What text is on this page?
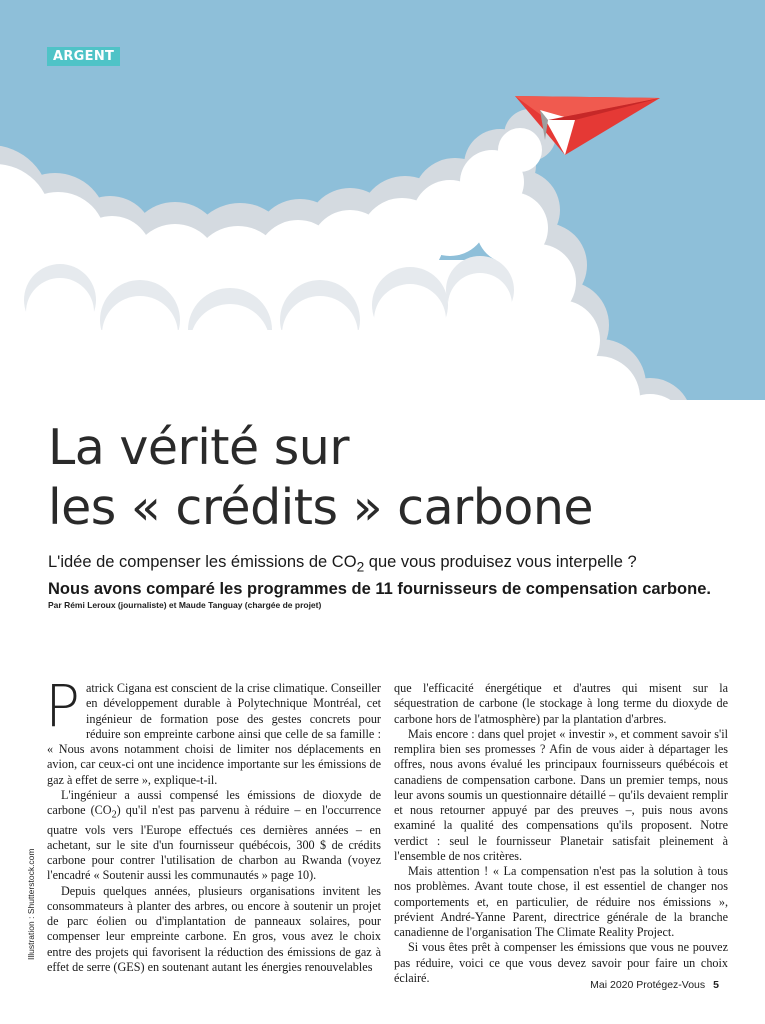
ARGENT
La vérité sur
les « crédits » carbone
L'idée de compenser les émissions de $CO_2$ que vous produisez vous interpelle ?
Nous avons comparé les programmes de 11 fournisseurs de compensation carbone.
Par Rémi Leroux (journaliste) et Maude Tanguay (chargée de projet)
Illustration : Shutterstock.com

Patrick Cigana est conscient de la crise climatique. Conseiller en développement durable à Polytechnique Montréal, cet ingénieur de formation pose des gestes concrets pour réduire son empreinte carbone ainsi que celle de sa famille : « Nous avons notamment choisi de limiter nos déplacements en avion, car ceux-ci ont une incidence importante sur les émissions de gaz à effet de serre », explique-t-il.

L'ingénieur a aussi compensé les émissions de dioxyde de carbone $(CO_2)$ qu'il n'est pas parvenu à réduire – en l'occurrence quatre vols vers l'Europe effectués ces dernières années – en achetant, sur le site d'un fournisseur québécois, 300 $ de crédits carbone pour contrer l'utilisation de charbon au Rwanda (voyez l'encadré « Soutenir aussi les communautés » page 10).

Depuis quelques années, plusieurs organisations invitent les consommateurs à planter des arbres, ou encore à soutenir un projet de parc éolien ou d'implantation de panneaux solaires, pour compenser leur empreinte carbone. En gros, vous avez le choix entre des projets qui favorisent la réduction des émissions de gaz à effet de serre (GES) en soutenant autant les énergies renouvelables

que l'efficacité énergétique et d'autres qui misent sur la séquestration de carbone (le stockage à long terme du dioxyde de carbone hors de l'atmosphère) par la plantation d'arbres.

Mais encore : dans quel projet « investir », et comment savoir s'il remplira bien ses promesses ? Afin de vous aider à départager les offres, nous avons évalué les principaux fournisseurs québécois et canadiens de compensation carbone. Dans un premier temps, nous leur avons soumis un questionnaire détaillé – qu'ils devaient remplir et nous retourner appuyé par des preuves –, puis nous avons examiné la qualité des compensations qu'ils proposent. Notre verdict : seul le fournisseur Planetair satisfait pleinement à l'ensemble de nos critères.

Mais attention ! « La compensation n'est pas la solution à tous nos problèmes. Avant toute chose, il est essentiel de changer nos comportements et, en particulier, de réduire nos émissions », prévient André-Yanne Parent, directrice générale de la branche canadienne de l'organisation The Climate Reality Project.

Si vous êtes prêt à compenser les émissions que vous ne pouvez pas réduire, voici ce que vous devez savoir pour faire un choix éclairé.

Mai 2020 Protégez-Vous 5
